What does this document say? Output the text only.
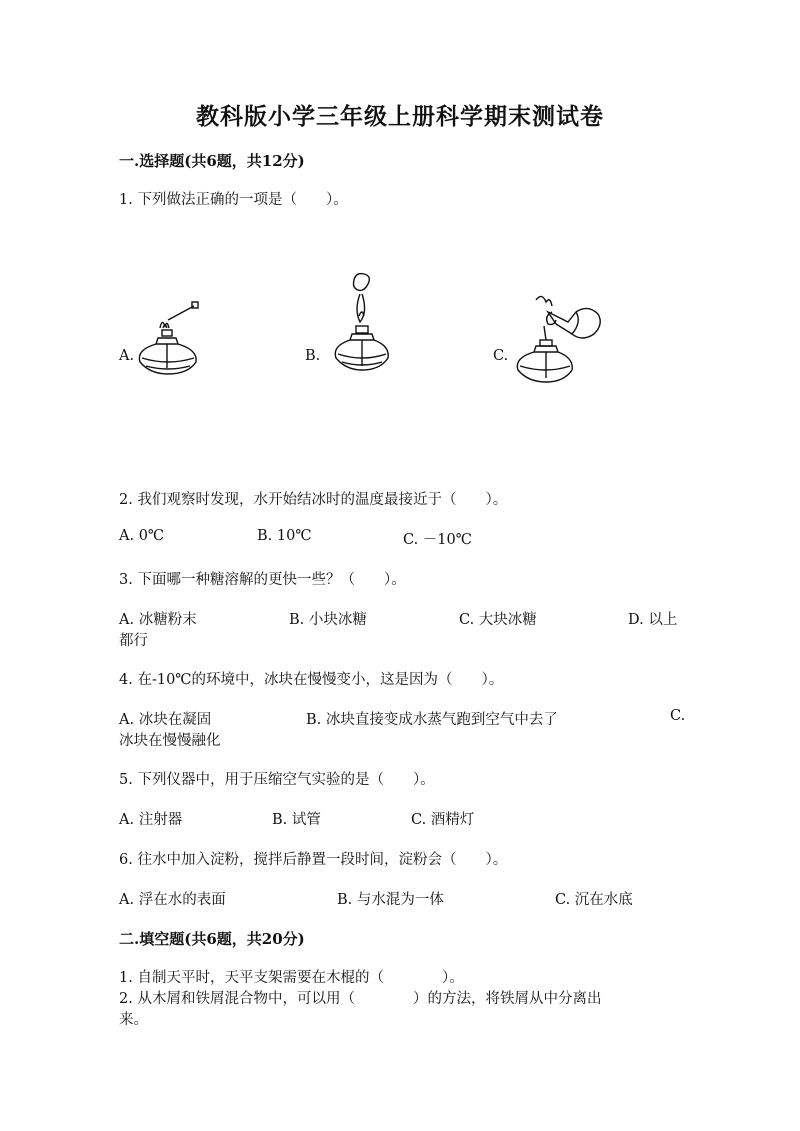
教科版小学三年级上册科学期末测试卷
一.选择题(共6题，共12分)
1. 下列做法正确的一项是（　　）。
A.	B.	C.
2. 我们观察时发现，水开始结冰时的温度最接近于（　　）。
A. 0℃	B. 10℃	C. －10℃
3. 下面哪一种糖溶解的更快一些？（　　）。
A. 冰糖粉末	B. 小块冰糖	C. 大块冰糖	D. 以上
都行
4. 在-10℃的环境中，冰块在慢慢变小，这是因为（　　）。
A. 冰块在凝固	B. 冰块直接变成水蒸气跑到空气中去了	C.
冰块在慢慢融化
5. 下列仪器中，用于压缩空气实验的是（　　）。
A. 注射器	B. 试管	C. 酒精灯
6. 往水中加入淀粉，搅拌后静置一段时间，淀粉会（　　）。
A. 浮在水的表面	B. 与水混为一体	C. 沉在水底
二.填空题(共6题，共20分)
1. 自制天平时，天平支架需要在木棍的（　　　　）。
2. 从木屑和铁屑混合物中，可以用（　　　　）的方法，将铁屑从中分离出
来。
